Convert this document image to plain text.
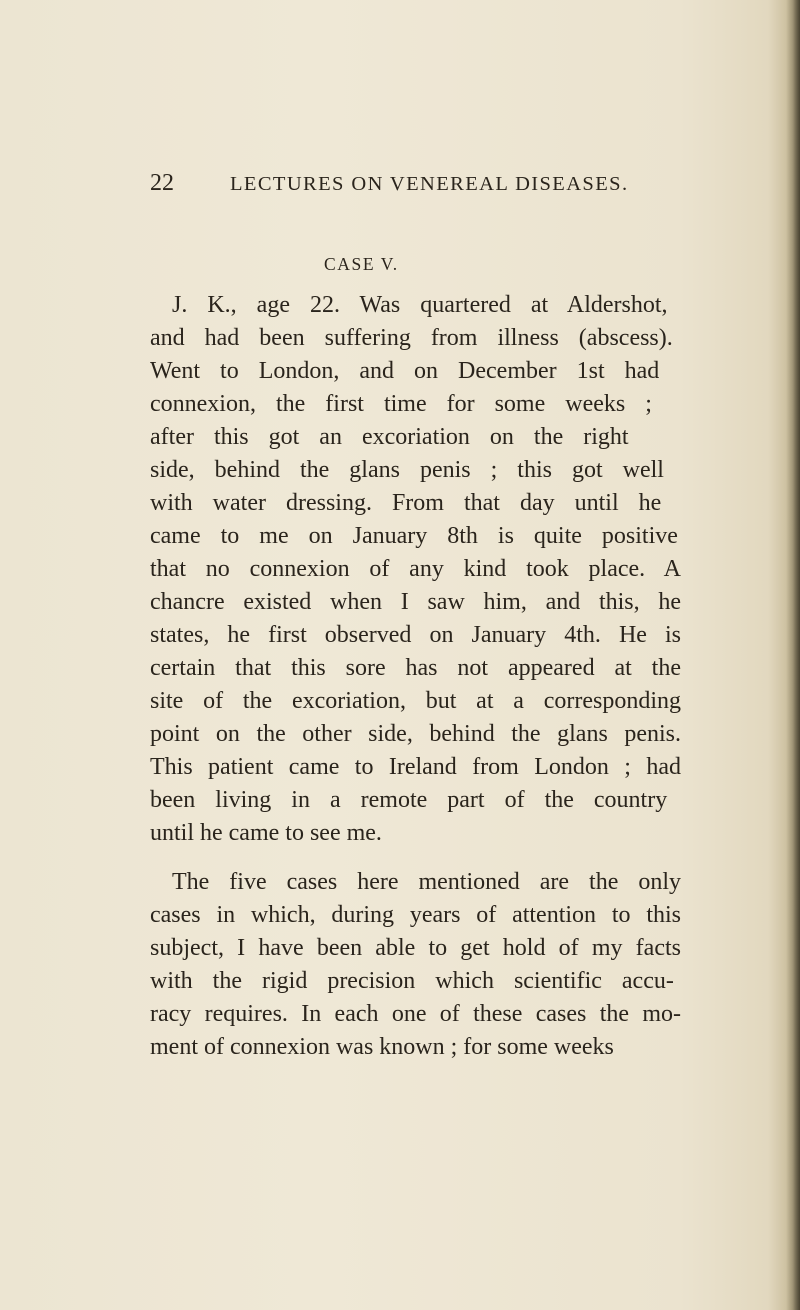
22	LECTURES ON VENEREAL DISEASES.
CASE V.
J. K., age 22. Was quartered at Aldershot,
and had been suffering from illness (abscess).
Went to London, and on December 1st had
connexion, the first time for some weeks ;
after this got an excoriation on the right
side, behind the glans penis ; this got well
with water dressing. From that day until he
came to me on January 8th is quite positive
that no connexion of any kind took place. A
chancre existed when I saw him, and this, he
states, he first observed on January 4th. He is
certain that this sore has not appeared at the
site of the excoriation, but at a corresponding
point on the other side, behind the glans penis.
This patient came to Ireland from London ; had
been living in a remote part of the country
until he came to see me.
The five cases here mentioned are the only
cases in which, during years of attention to this
subject, I have been able to get hold of my facts
with the rigid precision which scientific accu-
racy requires. In each one of these cases the mo-
ment of connexion was known ; for some weeks
